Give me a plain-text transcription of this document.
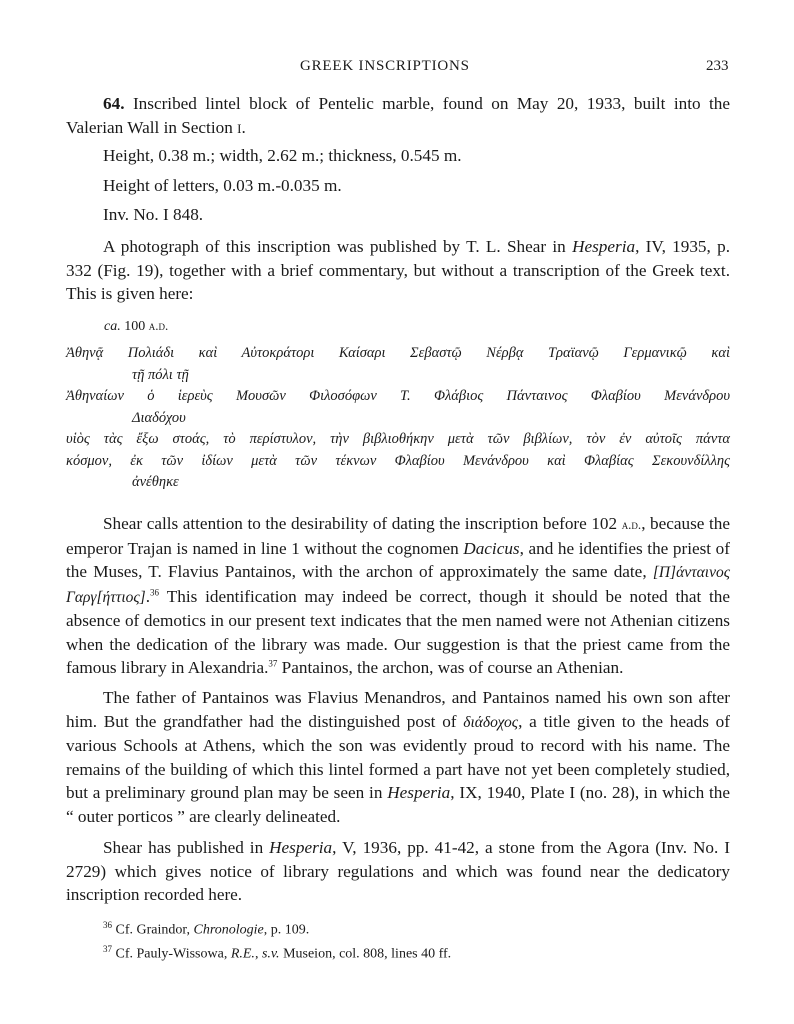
GREEK INSCRIPTIONS	233
64. Inscribed lintel block of Pentelic marble, found on May 20, 1933, built into the Valerian Wall in Section I.
Height, 0.38 m.; width, 2.62 m.; thickness, 0.545 m.
Height of letters, 0.03 m.-0.035 m.
Inv. No. I 848.
A photograph of this inscription was published by T. L. Shear in Hesperia, IV, 1935, p. 332 (Fig. 19), together with a brief commentary, but without a transcription of the Greek text. This is given here:
ca. 100 a.d.
Ἀθηνᾷ Πολιάδι καὶ Αὐτοκράτορι Καίσαρι Σεβαστῷ Νέρβᾳ Τραϊανῷ Γερμανικῷ καὶ
τῇ πόλι τῇ
Ἀθηναίων ὁ ἱερεὺς Μουσῶν Φιλοσόφων Τ. Φλάβιος Πάνταινος Φλαβίου Μενάνδρου
Διαδόχου
υἱὸς τὰς ἔξω στοάς, τὸ περίστυλον, τὴν βιβλιοθήκην μετὰ τῶν βιβλίων, τὸν ἐν αὐτοῖς πάντα
κόσμον, ἐκ τῶν ἰδίων μετὰ τῶν τέκνων Φλαβίου Μενάνδρου καὶ Φλαβίας Σεκουνδίλλης
ἀνέθηκε
Shear calls attention to the desirability of dating the inscription before 102 a.d., because the emperor Trajan is named in line 1 without the cognomen Dacicus, and he identifies the priest of the Muses, T. Flavius Pantainos, with the archon of approximately the same date, [Π]άνταινος Γαργ[ήττιος].$^{36}$ This identification may indeed be correct, though it should be noted that the absence of demotics in our present text indicates that the men named were not Athenian citizens when the dedication of the library was made. Our suggestion is that the priest came from the famous library in Alexandria.$^{37}$ Pantainos, the archon, was of course an Athenian.
The father of Pantainos was Flavius Menandros, and Pantainos named his own son after him. But the grandfather had the distinguished post of διάδοχος, a title given to the heads of various Schools at Athens, which the son was evidently proud to record with his name. The remains of the building of which this lintel formed a part have not yet been completely studied, but a preliminary ground plan may be seen in Hesperia, IX, 1940, Plate I (no. 28), in which the “ outer porticos ” are clearly delineated.
Shear has published in Hesperia, V, 1936, pp. 41-42, a stone from the Agora (Inv. No. I 2729) which gives notice of library regulations and which was found near the dedicatory inscription recorded here.
$^{36}$ Cf. Graindor, Chronologie, p. 109.
$^{37}$ Cf. Pauly-Wissowa, R.E., s.v. Museion, col. 808, lines 40 ff.
